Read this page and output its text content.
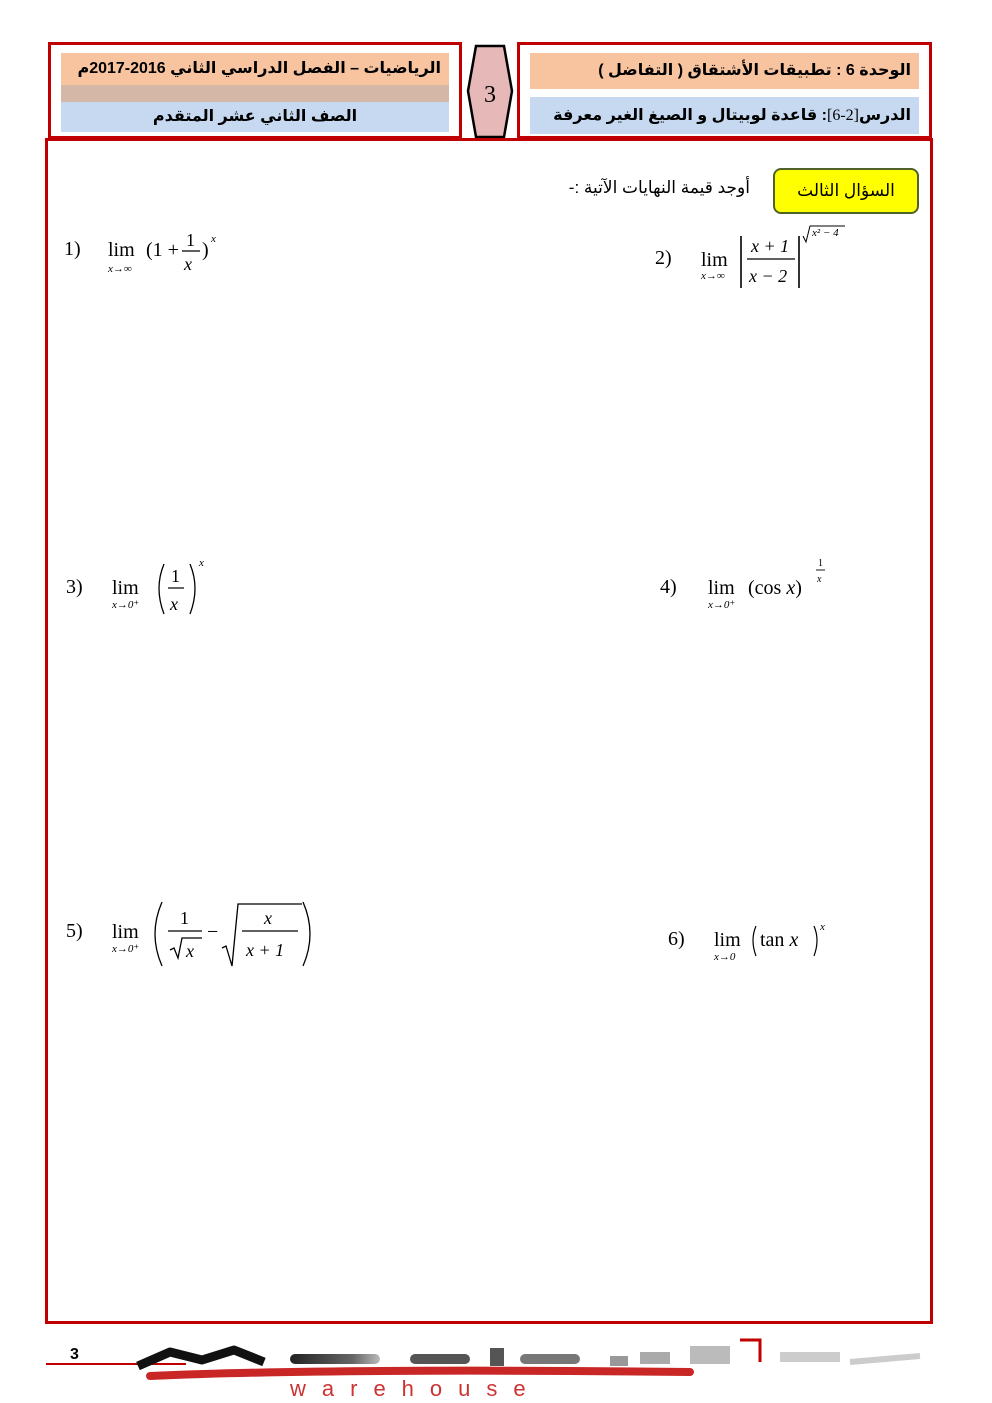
الرياضيات – الفصل الدراسي الثاني 2016-2017م
الصف الثاني عشر المتقدم
3
الوحدة 6 : تطبيقات الأشتقاق ( التفاضل )
الدرس[6-2]: قاعدة لوبيتال و الصيغ الغير معرفة
السؤال الثالث
أوجد قيمة النهايات الآتية :-
1) lim
x→∞
(1 + 1
x
) x
2) lim
x→∞
x + 1
x − 2
x² − 4
3) lim
x→0⁺
1
x
x
4) lim
x→0⁺
(cos x)
1
x
5) lim
x→0⁺
1
x
−
x
x + 1	6) lim
x→0
tan x
x
3
warehouse
